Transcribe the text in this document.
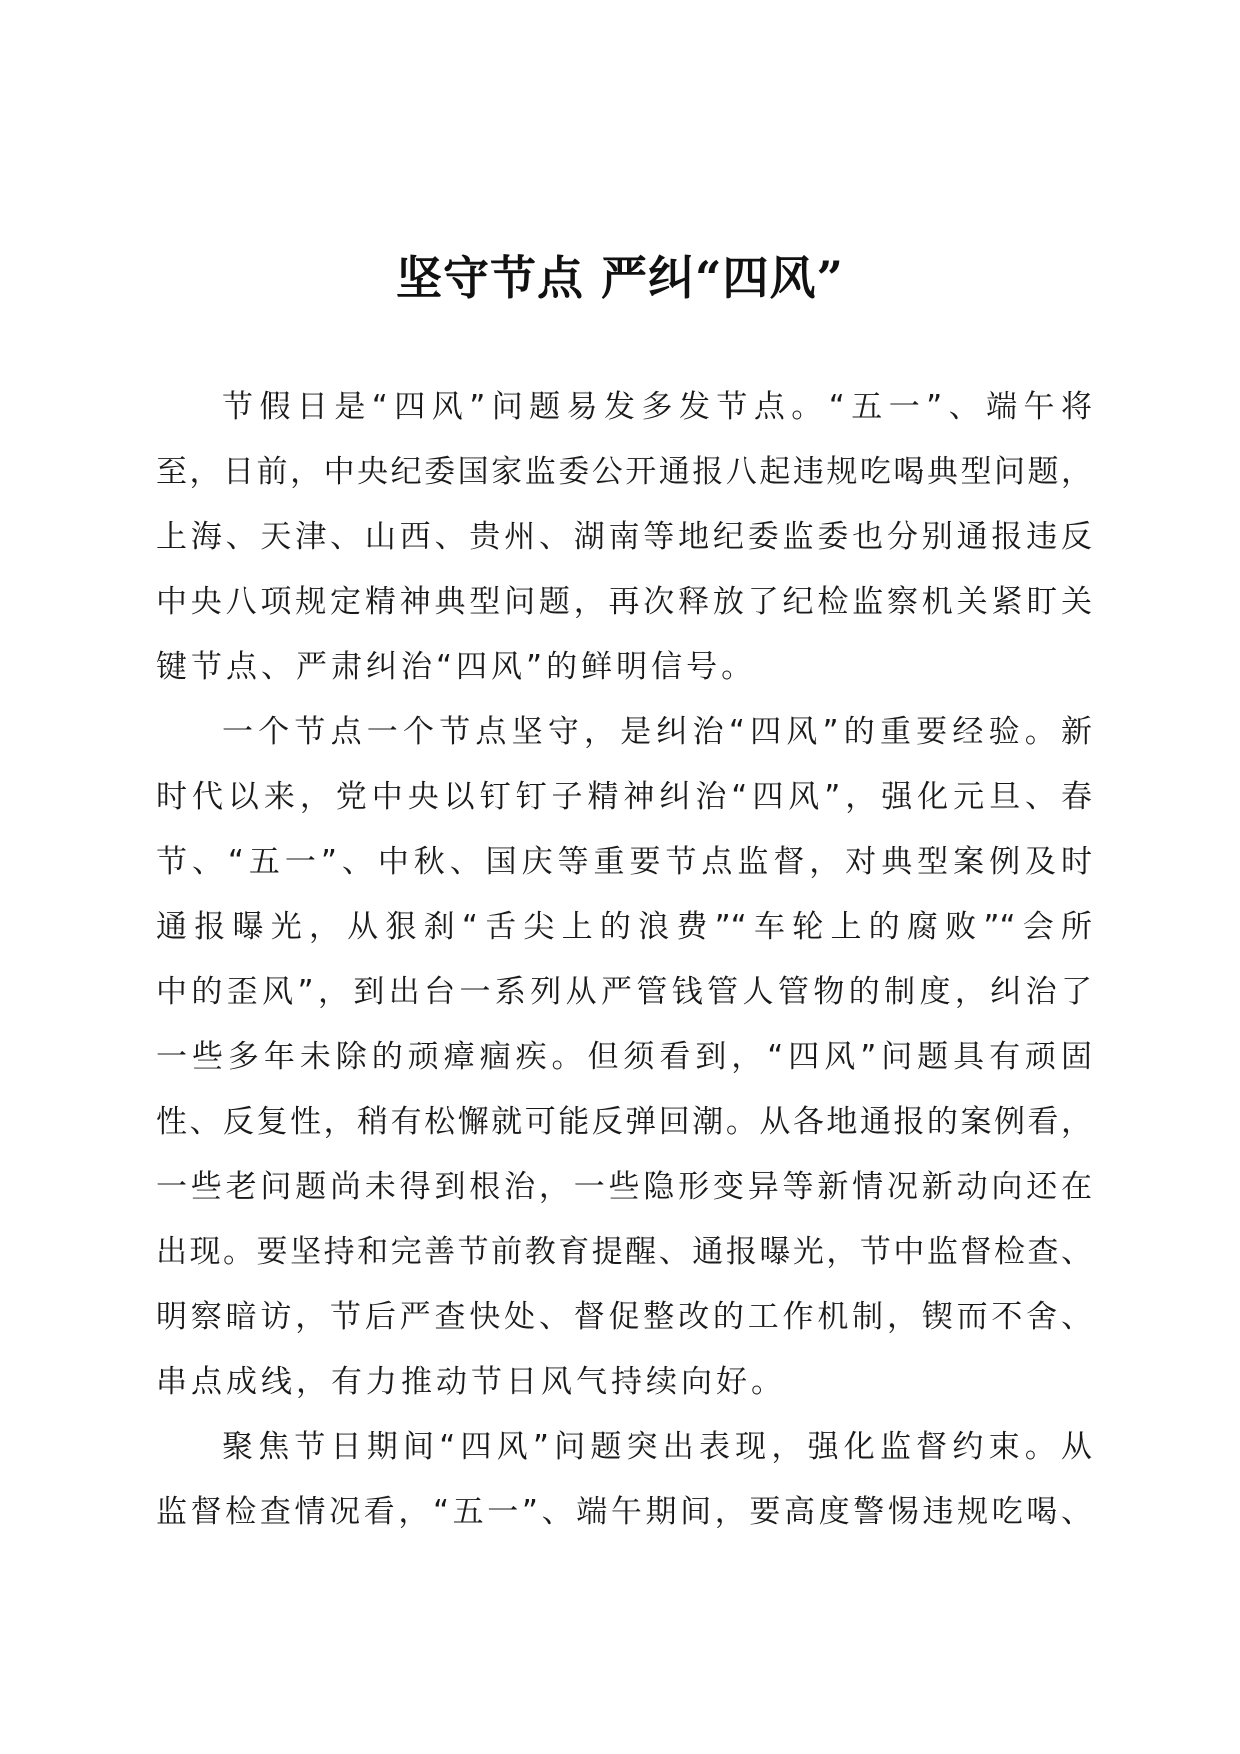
坚守节点 严纠“四风”
节假日是“四风”问题易发多发节点。“五一”、端午将
至，日前，中央纪委国家监委公开通报八起违规吃喝典型问题，
上海、天津、山西、贵州、湖南等地纪委监委也分别通报违反
中央八项规定精神典型问题，再次释放了纪检监察机关紧盯关
键节点、严肃纠治“四风”的鲜明信号。
一个节点一个节点坚守，是纠治“四风”的重要经验。新
时代以来，党中央以钉钉子精神纠治“四风”，强化元旦、春
节、“五一”、中秋、国庆等重要节点监督，对典型案例及时
通报曝光，从狠刹“舌尖上的浪费”“车轮上的腐败”“会所
中的歪风”，到出台一系列从严管钱管人管物的制度，纠治了
一些多年未除的顽瘴痼疾。但须看到，“四风”问题具有顽固
性、反复性，稍有松懈就可能反弹回潮。从各地通报的案例看，
一些老问题尚未得到根治，一些隐形变异等新情况新动向还在
出现。要坚持和完善节前教育提醒、通报曝光，节中监督检查、
明察暗访，节后严查快处、督促整改的工作机制，锲而不舍、
串点成线，有力推动节日风气持续向好。
聚焦节日期间“四风”问题突出表现，强化监督约束。从
监督检查情况看，“五一”、端午期间，要高度警惕违规吃喝、
